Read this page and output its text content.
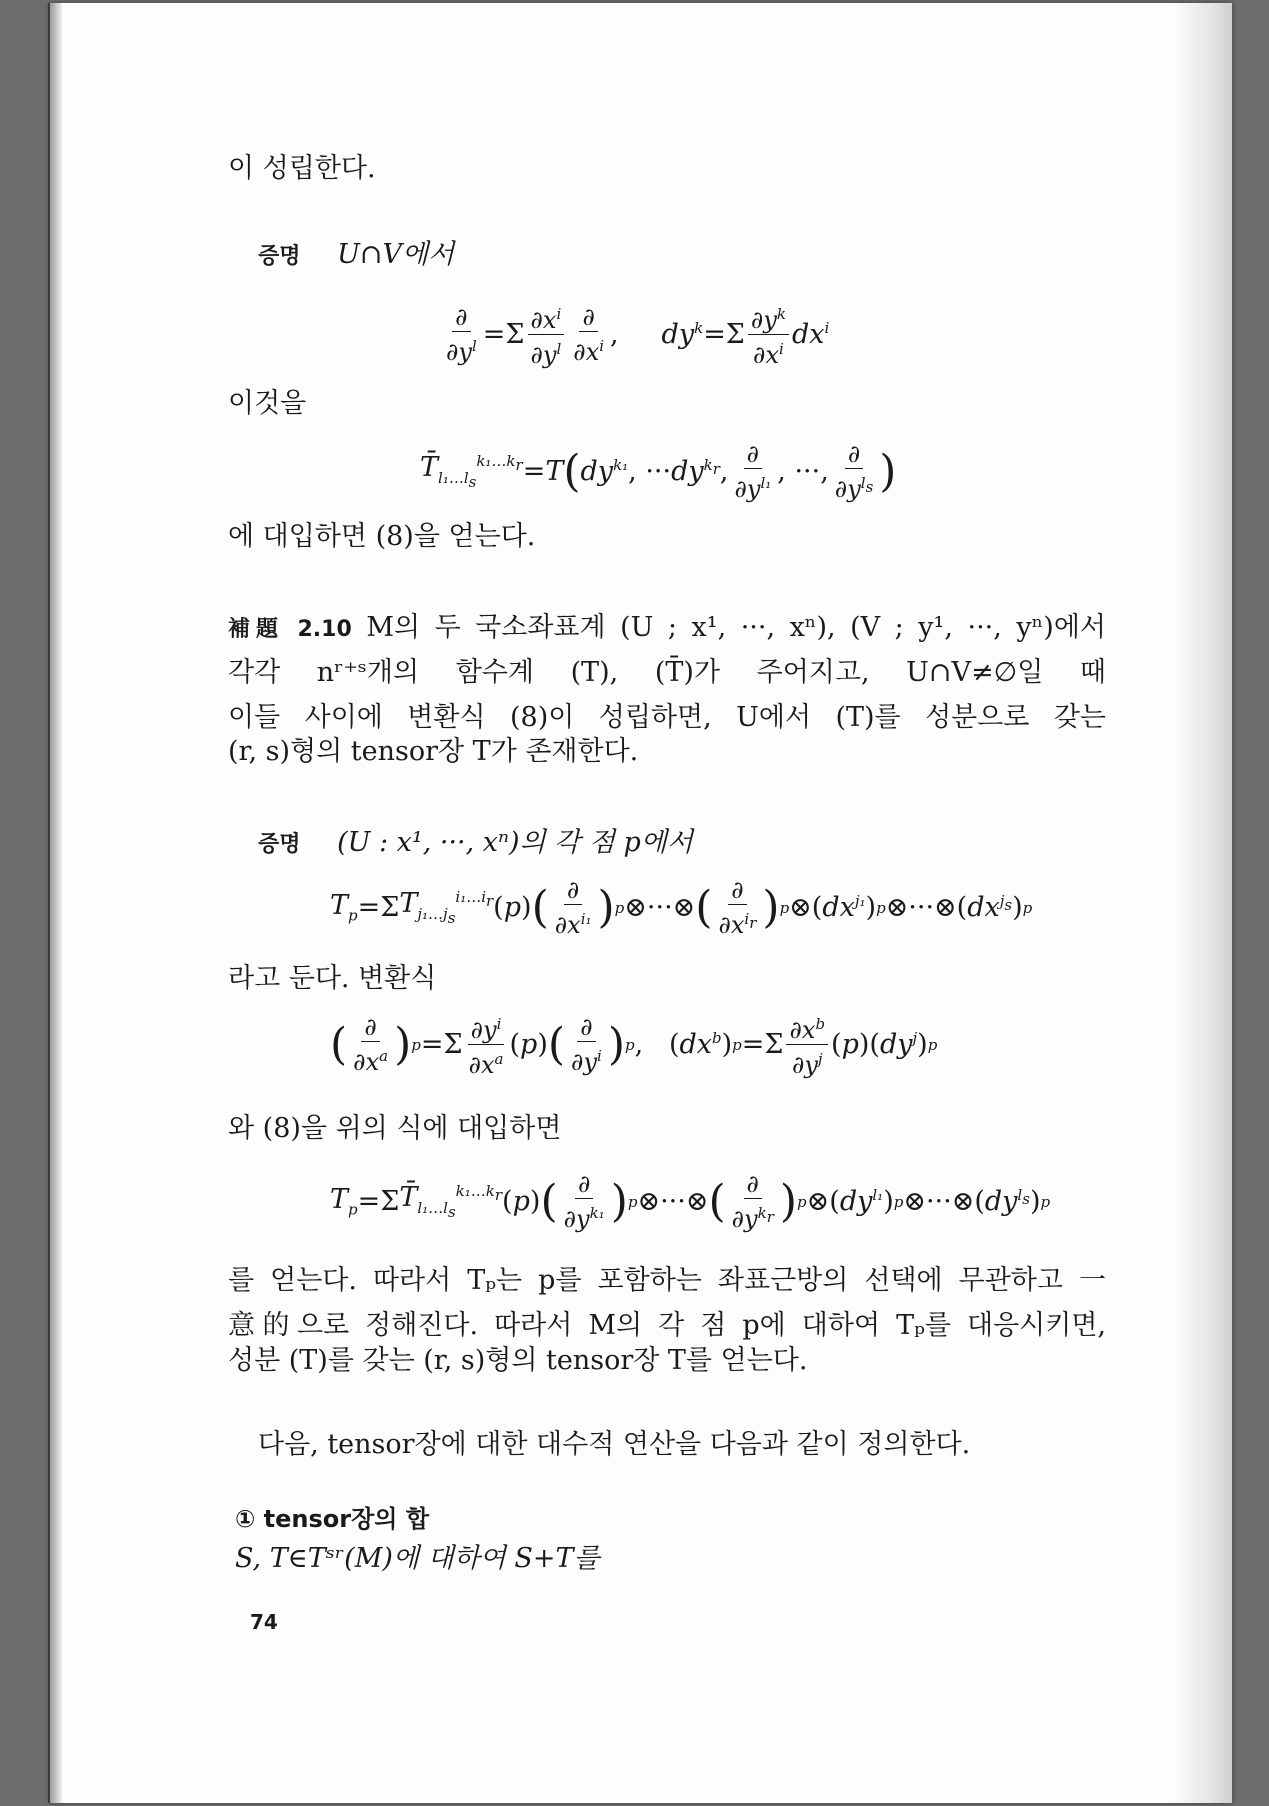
이 성립한다.
증명 U∩V에서
$\frac{\partial}{\partial y^l} =\Sigma \frac{\partial x^i}{\partial y^l} \frac{\partial}{\partial x^i}$ , $dy^k =\Sigma \frac{\partial y^k}{\partial x^i} dx^i$
이것을
$T̄_{l_1\dots l_s}^{k_1\dots k_r} = T$ ( $dy^{k_1}$ , ··· $dy^{k_r}$ , $\frac{\partial}{\partial y^{l_1}}$ , ···, $\frac{\partial}{\partial y^{l_s}}$ )
에 대입하면 (8)을 얻는다.
補題 2.10 M의 두 국소좌표계 (U ; x¹, ···, xⁿ), (V ; y¹, ···, yⁿ)에서
각각 nʳ⁺ˢ개의 함수계 (T), (T̄)가 주어지고, U∩V≠∅일 때
이들 사이에 변환식 (8)이 성립하면, U에서 (T)를 성분으로 갖는
(r, s)형의 tensor장 T가 존재한다.
증명 (U : x¹, ···, xⁿ)의 각 점 p에서
$T_p =\Sigma$ $T_{j_1\dots j_s}^{i_1\dots i_r}$ ( p ) ( $\frac{\partial}{\partial x^{i_1}}$ ) p ⊗···⊗ ( $\frac{\partial}{\partial x^{i_r}}$ ) p ⊗( $dx^{j_1}$ ) p ⊗···⊗( $dx^{j_s}$ ) p
라고 둔다. 변환식
( $\frac{\partial}{\partial x^a}$ ) $p =\Sigma \frac{\partial y^i}{\partial x^a}$ ( p ) ( $\frac{\partial}{\partial y^i}$ ) p ,   ( $dx^b$ ) $p =\Sigma \frac{\partial x^b}{\partial y^j}$ ( p )( $dy^j$ ) p
와 (8)을 위의 식에 대입하면
$T_p =\Sigma$ $T̄_{l_1\dots l_s}^{k_1\dots k_r}$ ( p ) ( $\frac{\partial}{\partial y^{k_1}}$ ) p ⊗···⊗ ( $\frac{\partial}{\partial y^{k_r}}$ ) p ⊗( $dy^{l_1}$ ) p ⊗···⊗( $dy^{l_s}$ ) p
를 얻는다. 따라서 Tₚ는 p를 포함하는 좌표근방의 선택에 무관하고 一
意的으로 정해진다. 따라서 M의 각 점 p에 대하여 Tₚ를 대응시키면,
성분 (T)를 갖는 (r, s)형의 tensor장 T를 얻는다.
다음, tensor장에 대한 대수적 연산을 다음과 같이 정의한다.
① tensor장의 합
S, T∈Tˢʳ(M)에 대하여 S+T를
74
